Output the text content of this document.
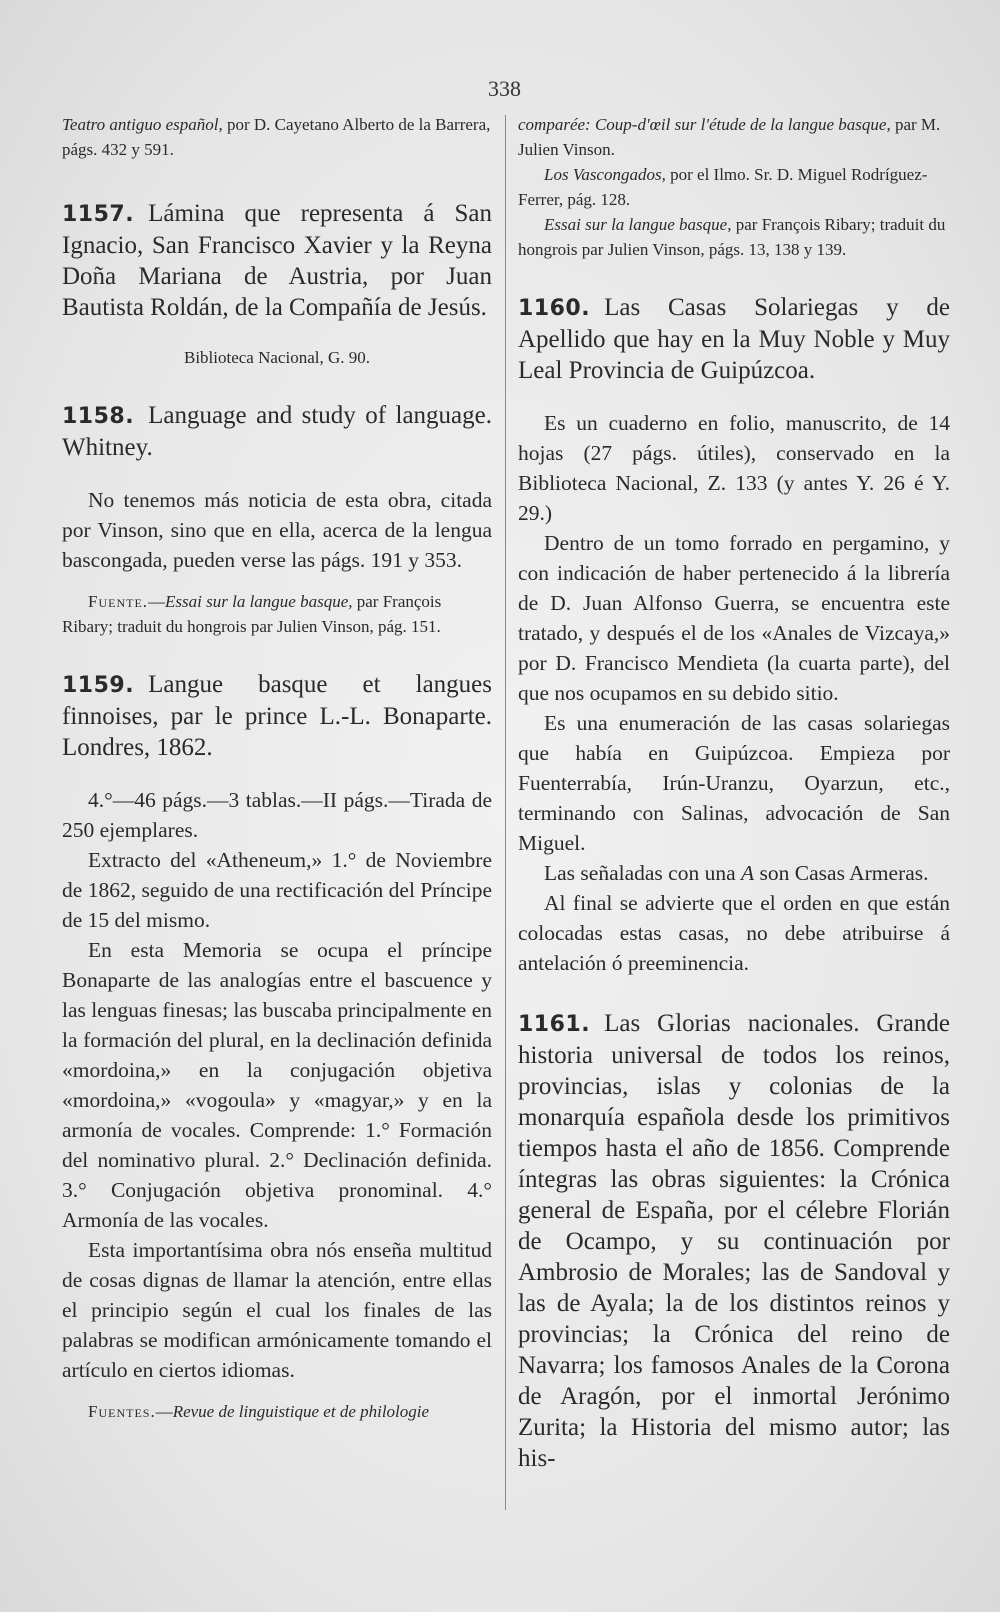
338

Teatro antiguo español, por D. Cayetano Alberto de la Barrera, págs. 432 y 591.

1157. Lámina que representa á San Ignacio, San Francisco Xavier y la Reyna Doña Mariana de Austria, por Juan Bautista Roldán, de la Compañía de Jesús.

Biblioteca Nacional, G. 90.

1158. Language and study of language. Whitney.

No tenemos más noticia de esta obra, citada por Vinson, sino que en ella, acerca de la lengua bascongada, pueden verse las págs. 191 y 353.

Fuente.—Essai sur la langue basque, par François Ribary; traduit du hongrois par Julien Vinson, pág. 151.

1159. Langue basque et langues finnoises, par le prince L.-L. Bonaparte. Londres, 1862.

4.°—46 págs.—3 tablas.—II págs.—Tirada de 250 ejemplares.

Extracto del «Atheneum,» 1.° de Noviembre de 1862, seguido de una rectificación del Príncipe de 15 del mismo.

En esta Memoria se ocupa el príncipe Bonaparte de las analogías entre el bascuence y las lenguas finesas; las buscaba principalmente en la formación del plural, en la declinación definida «mordoina,» en la conjugación objetiva «mordoina,» «vogoula» y «magyar,» y en la armonía de vocales. Comprende: 1.° Formación del nominativo plural. 2.° Declinación definida. 3.° Conjugación objetiva pronominal. 4.° Armonía de las vocales.

Esta importantísima obra nós enseña multitud de cosas dignas de llamar la atención, entre ellas el principio según el cual los finales de las palabras se modifican armónicamente tomando el artículo en ciertos idiomas.

Fuentes.—Revue de linguistique et de philologie

comparée: Coup-d'œil sur l'étude de la langue basque, par M. Julien Vinson.

Los Vascongados, por el Ilmo. Sr. D. Miguel Rodríguez-Ferrer, pág. 128.

Essai sur la langue basque, par François Ribary; traduit du hongrois par Julien Vinson, págs. 13, 138 y 139.

1160. Las Casas Solariegas y de Apellido que hay en la Muy Noble y Muy Leal Provincia de Guipúzcoa.

Es un cuaderno en folio, manuscrito, de 14 hojas (27 págs. útiles), conservado en la Biblioteca Nacional, Z. 133 (y antes Y. 26 é Y. 29.)

Dentro de un tomo forrado en pergamino, y con indicación de haber pertenecido á la librería de D. Juan Alfonso Guerra, se encuentra este tratado, y después el de los «Anales de Vizcaya,» por D. Francisco Mendieta (la cuarta parte), del que nos ocupamos en su debido sitio.

Es una enumeración de las casas solariegas que había en Guipúzcoa. Empieza por Fuenterrabía, Irún-Uranzu, Oyarzun, etc., terminando con Salinas, advocación de San Miguel.

Las señaladas con una A son Casas Armeras.

Al final se advierte que el orden en que están colocadas estas casas, no debe atribuirse á antelación ó preeminencia.

1161. Las Glorias nacionales. Grande historia universal de todos los reinos, provincias, islas y colonias de la monarquía española desde los primitivos tiempos hasta el año de 1856. Comprende íntegras las obras siguientes: la Crónica general de España, por el célebre Florián de Ocampo, y su continuación por Ambrosio de Morales; las de Sandoval y las de Ayala; la de los distintos reinos y provincias; la Crónica del reino de Navarra; los famosos Anales de la Corona de Aragón, por el inmortal Jerónimo Zurita; la Historia del mismo autor; las his-
